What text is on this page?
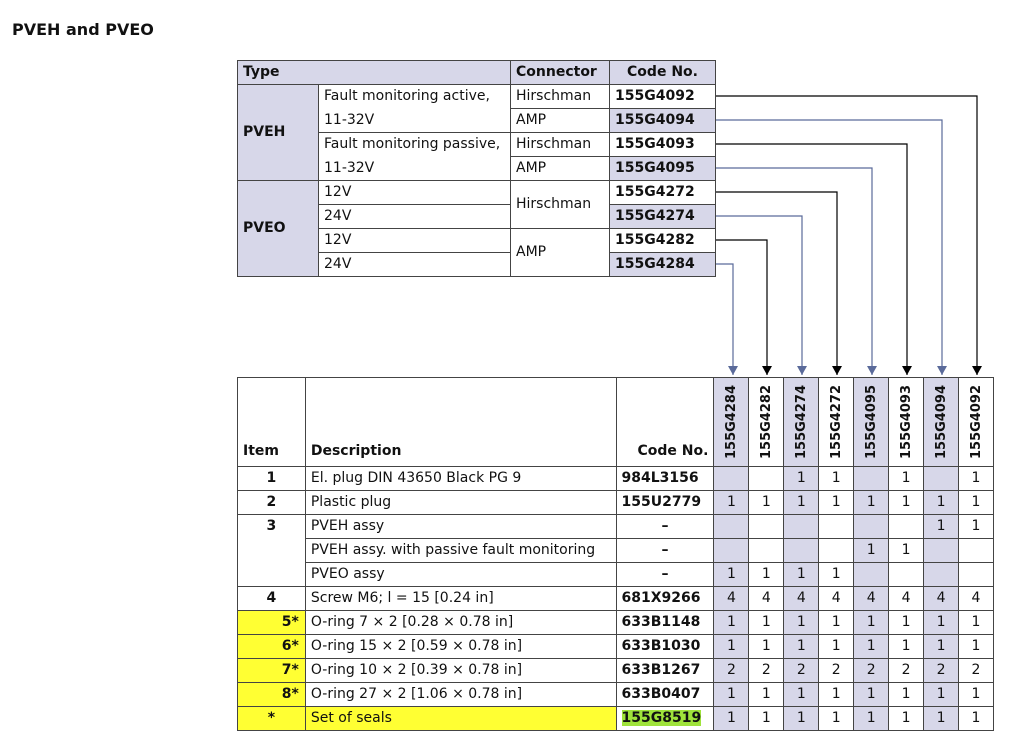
PVEH and PVEO
Type		Connector	Code No.
PVEH	Fault monitoring active,	Hirschman	155G4092
	11-32V	AMP	155G4094
	Fault monitoring passive,	Hirschman	155G4093
	11-32V	AMP	155G4095
PVEO	12V	Hirschman	155G4272
	24V		155G4274
	12V	AMP	155G4282
	24V		155G4284
Item	Description	Code No.	155G4284	155G4282	155G4274	155G4272	155G4095	155G4093	155G4094	155G4092

1	El. plug DIN 43650 Black PG 9	984L3156			1	1		1		1
2	Plastic plug	155U2779	1	1	1	1	1	1	1	1
3	PVEH assy	–							1	1
	PVEH assy. with passive fault monitoring	–					1	1		
	PVEO assy	–	1	1	1	1				
4	Screw M6; l = 15 [0.24 in]	681X9266	4	4	4	4	4	4	4	4

5*	O-ring 7 × 2 [0.28 × 0.78 in]	633B1148	1	1	1	1	1	1	1	1

6*	O-ring 15 × 2 [0.59 × 0.78 in]	633B1030	1	1	1	1	1	1	1	1

7*	O-ring 10 × 2 [0.39 × 0.78 in]	633B1267	2	2	2	2	2	2	2	2

8*	O-ring 27 × 2 [1.06 × 0.78 in]	633B0407	1	1	1	1	1	1	1	1

*	Set of seals	155G8519	1	1	1	1	1	1	1	1
